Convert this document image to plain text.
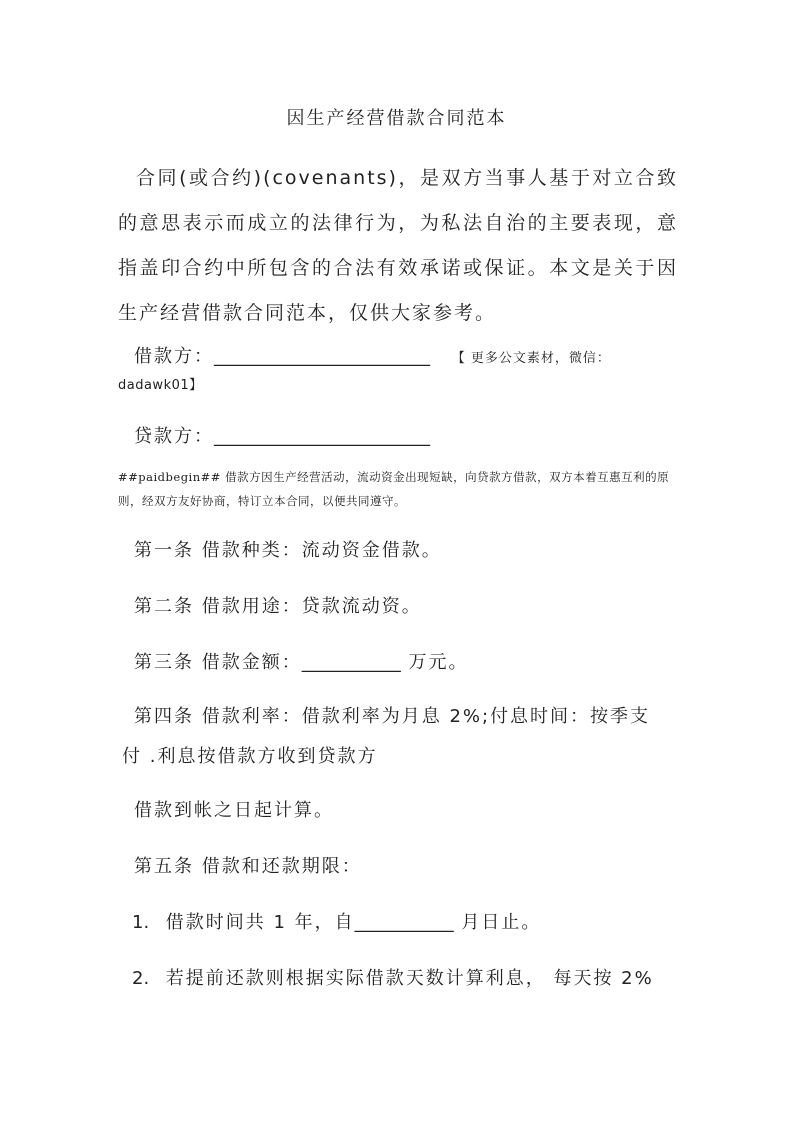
因生产经营借款合同范本
合同(或合约)(covenants)，是双方当事人基于对立合致的意思表示而成立的法律行为，为私法自治的主要表现，意指盖印合约中所包含的合法有效承诺或保证。本文是关于因生产经营借款合同范本，仅供大家参考。
借款方：________________________ 【 更多公文素材，微信：
dadawk01】
贷款方：________________________
##paidbegin## 借款方因生产经营活动，流动资金出现短缺，向贷款方借款，双方本着互惠互利的原则，经双方友好协商，特订立本合同，以便共同遵守。
第一条 借款种类：流动资金借款。
第二条 借款用途：贷款流动资。
第三条 借款金额：___________ 万元。
第四条 借款利率：借款利率为月息 2%;付息时间：按季支
付 .利息按借款方收到贷款方
借款到帐之日起计算。
第五条 借款和还款期限：
1. 借款时间共 1 年，自___________ 月日止。
2. 若提前还款则根据实际借款天数计算利息， 每天按 2%
